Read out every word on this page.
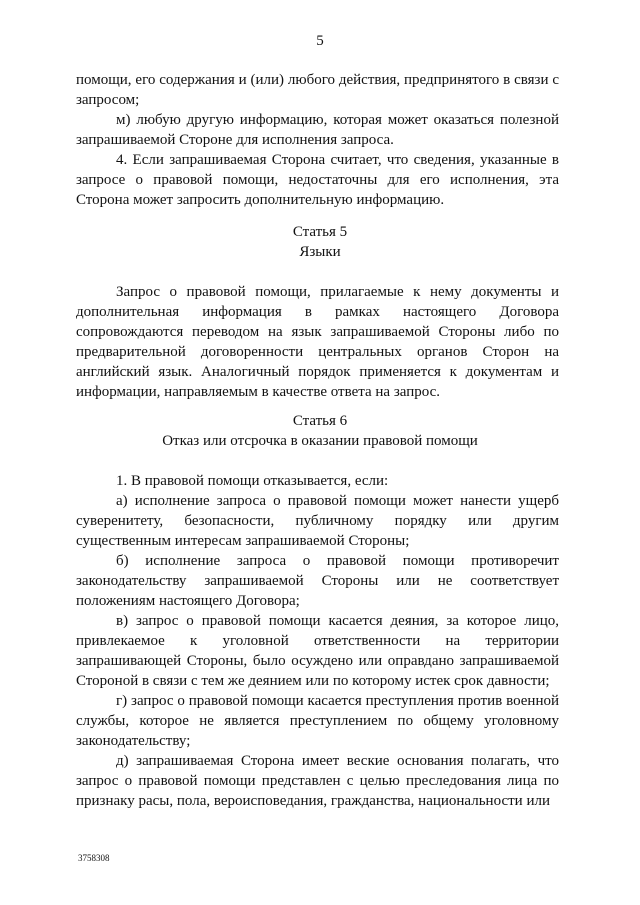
5

помощи, его содержания и (или) любого действия, предпринятого в связи с запросом;

м) любую другую информацию, которая может оказаться полезной запрашиваемой Стороне для исполнения запроса.

4. Если запрашиваемая Сторона считает, что сведения, указанные в запросе о правовой помощи, недостаточны для его исполнения, эта Сторона может запросить дополнительную информацию.

Статья 5
Языки

Запрос о правовой помощи, прилагаемые к нему документы и дополнительная информация в рамках настоящего Договора сопровождаются переводом на язык запрашиваемой Стороны либо по предварительной договоренности центральных органов Сторон на английский язык. Аналогичный порядок применяется к документам и информации, направляемым в качестве ответа на запрос.

Статья 6
Отказ или отсрочка в оказании правовой помощи

1. В правовой помощи отказывается, если:

а) исполнение запроса о правовой помощи может нанести ущерб суверенитету, безопасности, публичному порядку или другим существенным интересам запрашиваемой Стороны;

б) исполнение запроса о правовой помощи противоречит законодательству запрашиваемой Стороны или не соответствует положениям настоящего Договора;

в) запрос о правовой помощи касается деяния, за которое лицо, привлекаемое к уголовной ответственности на территории запрашивающей Стороны, было осуждено или оправдано запрашиваемой Стороной в связи с тем же деянием или по которому истек срок давности;

г) запрос о правовой помощи касается преступления против военной службы, которое не является преступлением по общему уголовному законодательству;

д) запрашиваемая Сторона имеет веские основания полагать, что запрос о правовой помощи представлен с целью преследования лица по признаку расы, пола, вероисповедания, гражданства, национальности или

3758308
